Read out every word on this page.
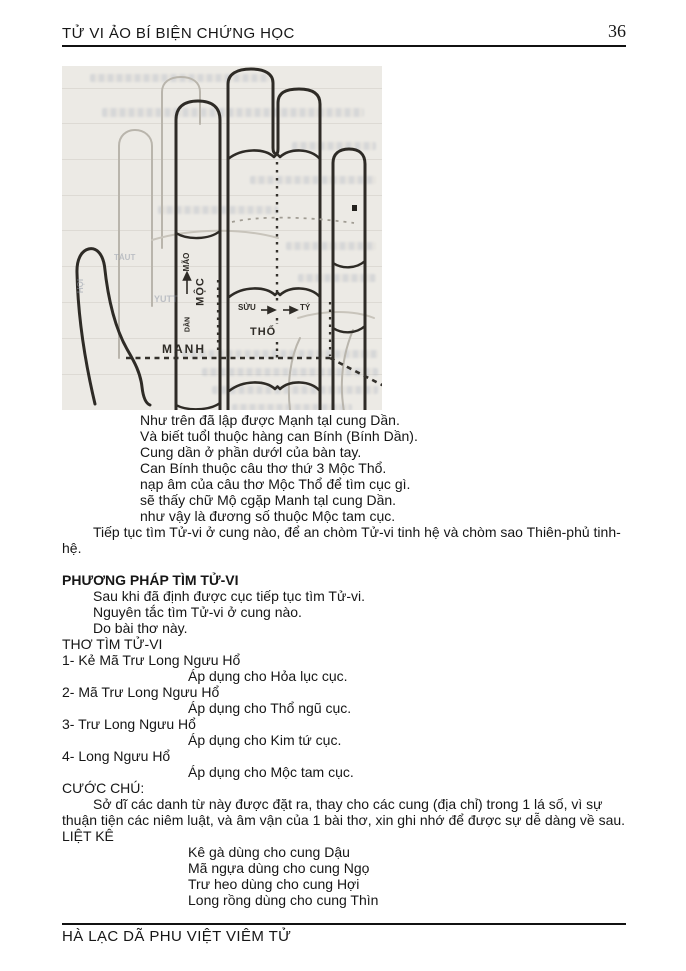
TỬ VI ẢO BÍ BIỆN CHỨNG HỌC	36
MÃO
MỘC
DẦN
MANH
SỬU	TÝ
THỔ
TẢUT
HỌI
YUTT
Như trên đã lập được Mạnh tạl cung Dần.
Và biết tuổl thuộc hàng can Bính (Bính Dần).
Cung dần ở phần dướl của bàn tay.
Can Bính thuộc câu thơ thứ 3 Mộc Thổ.
nạp âm của câu thơ Mộc Thổ để tìm cục gì.
sẽ thấy chữ Mộ cgặp Manh tạl cung Dần.
như vậy là đương số thuộc Mộc tam cục.
Tiếp tục tìm Tử-vi ở cung nào, để an chòm Tử-vi tinh hệ và chòm sao Thiên-phủ tinh-
hệ.
PHƯƠNG PHÁP TÌM TỬ-VI
Sau khi đã định được cục tiếp tục tìm Tử-vi.
Nguyên tắc tìm Tử-vi ở cung nào.
Do bài thơ này.
THƠ TÌM TỬ-VI
1- Kẻ Mã Trư Long Ngưu Hổ
Áp dụng cho Hỏa lục cục.
2- Mã Trư Long Ngưu Hổ
Áp dụng cho Thổ ngũ cục.
3- Trư Long Ngưu Hổ
Áp dụng cho Kim tứ cục.
4- Long Ngưu Hổ
Áp dụng cho Mộc tam cục.
CƯỚC CHÚ:
Sở dĩ các danh từ này được đặt ra, thay cho các cung (địa chỉ) trong 1 lá số, vì sự
thuận tiện các niêm luật, và âm vận của 1 bài thơ, xin ghi nhớ để được sự dễ dàng về sau.
LIỆT KÊ
Kê gà dùng cho cung Dậu
Mã ngựa dùng cho cung Ngọ
Trư heo dùng cho cung Hợi
Long rồng dùng cho cung Thìn
HÀ LẠC DÃ PHU VIỆT VIÊM TỬ
